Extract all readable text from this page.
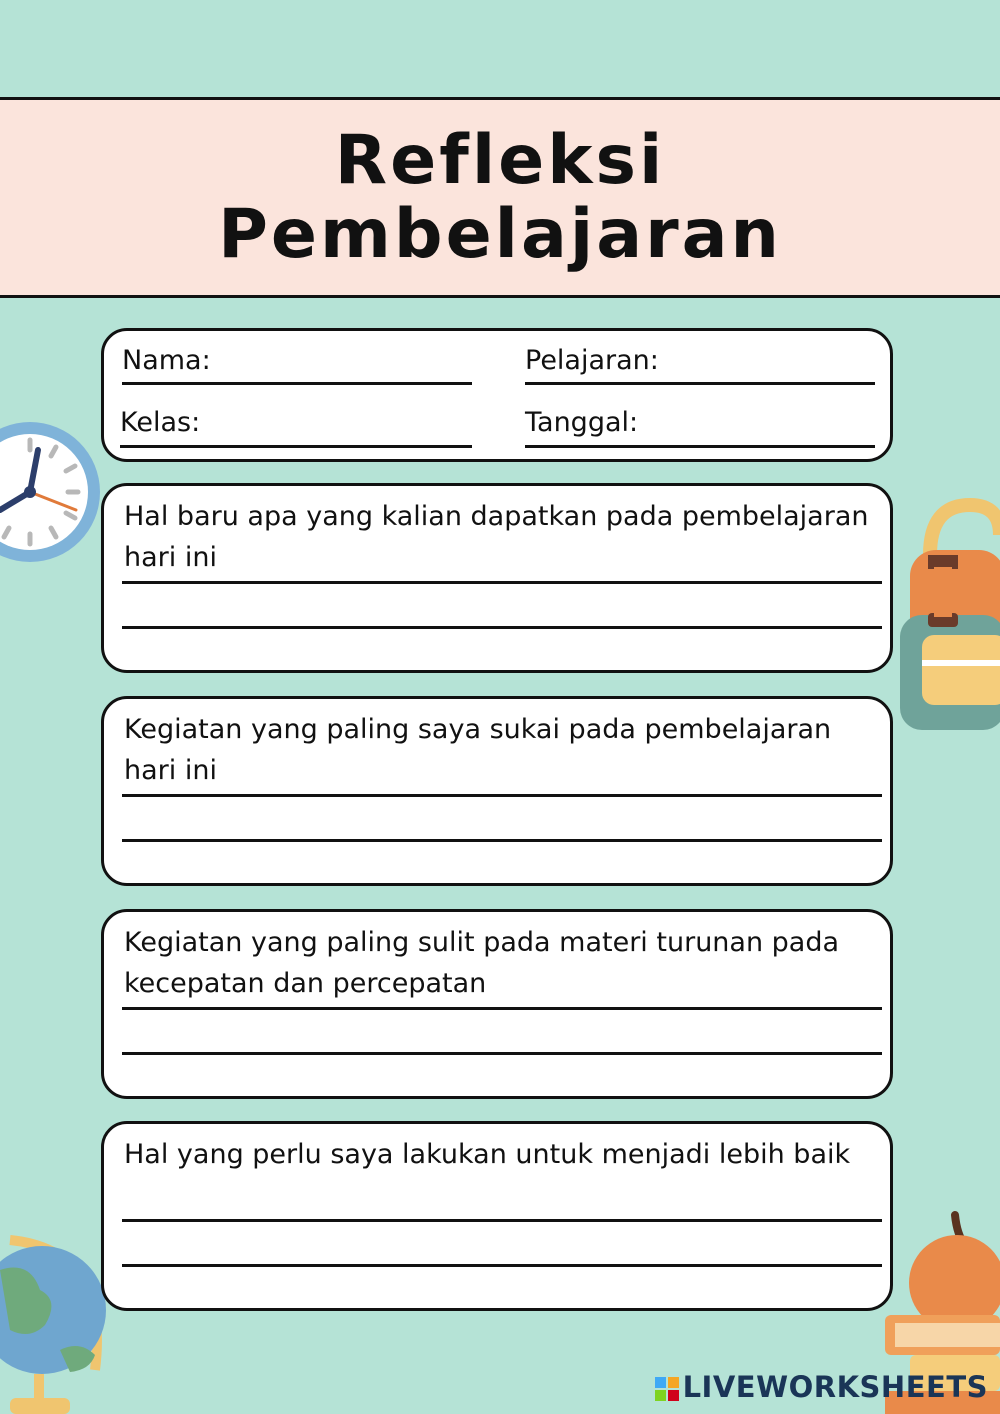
Refleksi
Pembelajaran
Nama:	Pelajaran:
Kelas:	Tanggal:
Hal baru apa yang kalian dapatkan pada pembelajaran hari ini
Kegiatan yang paling saya sukai pada pembelajaran hari ini
Kegiatan yang paling sulit pada materi turunan pada kecepatan dan percepatan
Hal yang perlu saya lakukan untuk menjadi lebih baik
LIVEWORKSHEETS
